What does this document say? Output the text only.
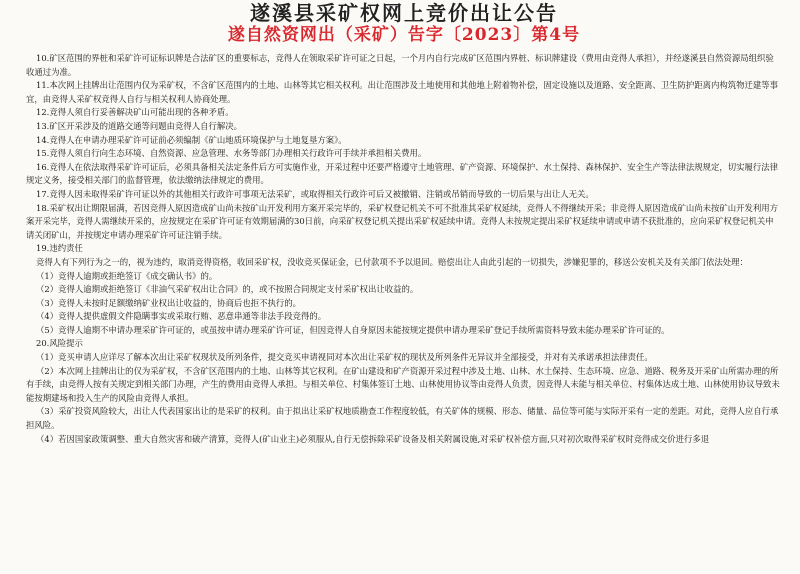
遂溪县采矿权网上竞价出让公告
遂自然资网出（采矿）告字〔2023〕第4号

10.矿区范围的界桩和采矿许可证标识牌是合法矿区的重要标志，竞得人在领取采矿许可证之日起，一个月内自行完成矿区范围内界桩、标识牌建设（费用由竞得人承担），并经遂溪县自然资源局组织验收通过为准。

11.本次网上挂牌出让范围内仅为采矿权，不含矿区范围内的土地、山林等其它相关权利。出让范围涉及土地使用和其他地上附着物补偿，固定设施以及道路、安全距离、卫生防护距离内构筑物迁建等事宜，由竞得人采矿权竞得人自行与相关权利人协商处理。

12.竞得人须自行妥善解决矿山可能出现的各种矛盾。

13.矿区开采涉及的道路交通等问题由竞得人自行解决。

14.竞得人在申请办理采矿许可证前必须编制《矿山地质环境保护与土地复垦方案》。

15.竞得人须自行向生态环境、自然资源、应急管理、水务等部门办理相关行政许可手续并承担相关费用。

16.竞得人在依法取得采矿许可证后，必须具备相关法定条件后方可实施作业，开采过程中还要严格遵守土地管理、矿产资源、环境保护、水土保持、森林保护、安全生产等法律法规规定，切实履行法律规定义务，接受相关部门的监督管理，依法缴纳法律规定的费用。

17.竞得人因未取得采矿许可证以外的其他相关行政许可事项无法采矿，或取得相关行政许可后又被撤销、注销或吊销而导致的一切后果与出让人无关。

18.采矿权出让期限届满，若因竞得人原因造成矿山尚未按矿山开发利用方案开采完毕的，采矿权登记机关不可不批准其采矿权延续，竞得人不得继续开采；非竞得人原因造成矿山尚未按矿山开发利用方案开采完毕，竞得人需继续开采的，应按规定在采矿许可证有效期届满的30日前，向采矿权登记机关提出采矿权延续申请。竞得人未按规定提出采矿权延续申请或申请不获批准的，应向采矿权登记机关申请关闭矿山，并按规定申请办理采矿许可证注销手续。

19.违约责任

竞得人有下列行为之一的，视为违约，取消竞得资格，收回采矿权，没收竞买保证金，已付款项不予以退回。赔偿出让人由此引起的一切损失，涉嫌犯罪的，移送公安机关及有关部门依法处理：

（1）竞得人逾期或拒绝签订《成交确认书》的。

（2）竞得人逾期或拒绝签订《非油气采矿权出让合同》的，或不按照合同规定支付采矿权出让收益的。

（3）竞得人未按时足额缴纳矿业权出让收益的，协商后也拒不执行的。

（4）竞得人提供虚假文件隐瞒事实或采取行贿、恶意串通等非法手段竞得的。

（5）竞得人逾期不申请办理采矿许可证的，或虽按申请办理采矿许可证，但因竞得人自身原因未能按规定提供申请办理采矿登记手续所需资料导致未能办理采矿许可证的。

20.风险提示

（1）竞买申请人应详尽了解本次出让采矿权现状及所列条件，提交竞买申请视同对本次出让采矿权的现状及所列条件无异议并全部接受，并对有关承诺承担法律责任。

（2）本次网上挂牌出让的仅为采矿权，不含矿区范围内的土地、山林等其它权利。在矿山建设和矿产资源开采过程中涉及土地、山林、水土保持、生态环境、应急、道路、税务及开采矿山所需办理的所有手续，由竞得人按有关规定到相关部门办理，产生的费用由竞得人承担。与相关单位、村集体签订土地、山林使用协议等由竞得人负责，因竞得人未能与相关单位、村集体达成土地、山林使用协议导致未能按期建场和投入生产的风险由竞得人承担。

（3）采矿投资风险较大，出让人代表国家出让的是采矿的权利。由于拟出让采矿权地质勘查工作程度较低，有关矿体的规模、形态、储量、品位等可能与实际开采有一定的差距。对此，竞得人应自行承担风险。

（4）若因国家政策调整、重大自然灾害和破产清算，竞得人(矿山业主)必须服从,自行无偿拆除采矿设备及相关附属设施,对采矿权补偿方面,只对初次取得采矿权时竞得成交价进行多退
